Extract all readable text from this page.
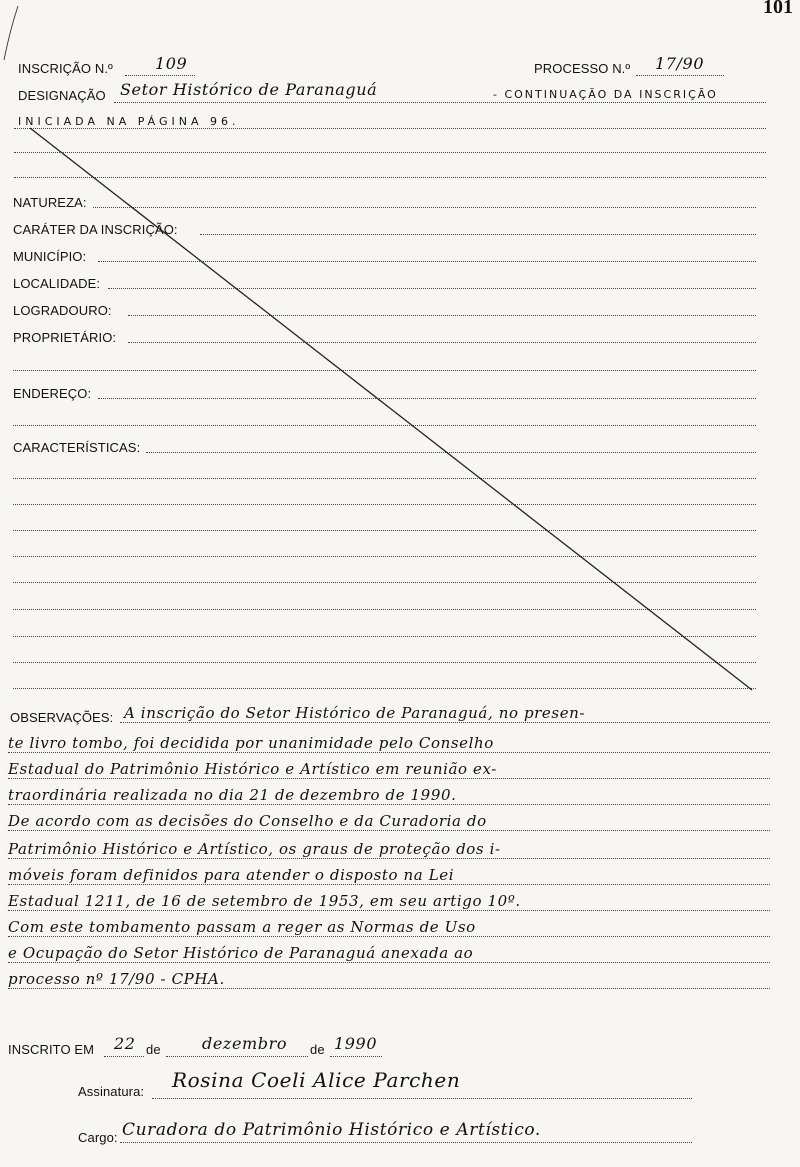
101
INSCRIÇÃO N.º	109	PROCESSO N.º 17/90
DESIGNAÇÃO Setor Histórico de Paranaguá	- CONTINUAÇÃO DA INSCRIÇÃO
INICIADA NA PÁGINA 96.
NATUREZA:
CARÁTER DA INSCRIÇÃO:
MUNICÍPIO:
LOCALIDADE:
LOGRADOURO:
PROPRIETÁRIO:
ENDEREÇO:
CARACTERÍSTICAS:
OBSERVAÇÕES: A inscrição do Setor Histórico de Paranaguá, no presen-
te livro tombo, foi decidida por unanimidade pelo Conselho
Estadual do Patrimônio Histórico e Artístico em reunião ex-
traordinária realizada no dia 21 de dezembro de 1990.
De acordo com as decisões do Conselho e da Curadoria do
Patrimônio Histórico e Artístico, os graus de proteção dos i-
móveis foram definidos para atender o disposto na Lei
Estadual 1211, de 16 de setembro de 1953, em seu artigo 10º.
Com este tombamento passam a reger as Normas de Uso
e Ocupação do Setor Histórico de Paranaguá anexada ao
processo nº 17/90 - CPHA.
INSCRITO EM 22 de	dezembro de 1990
Assinatura: Rosina Coeli Alice Parchen
Cargo: Curadora do Patrimônio Histórico e Artístico.
